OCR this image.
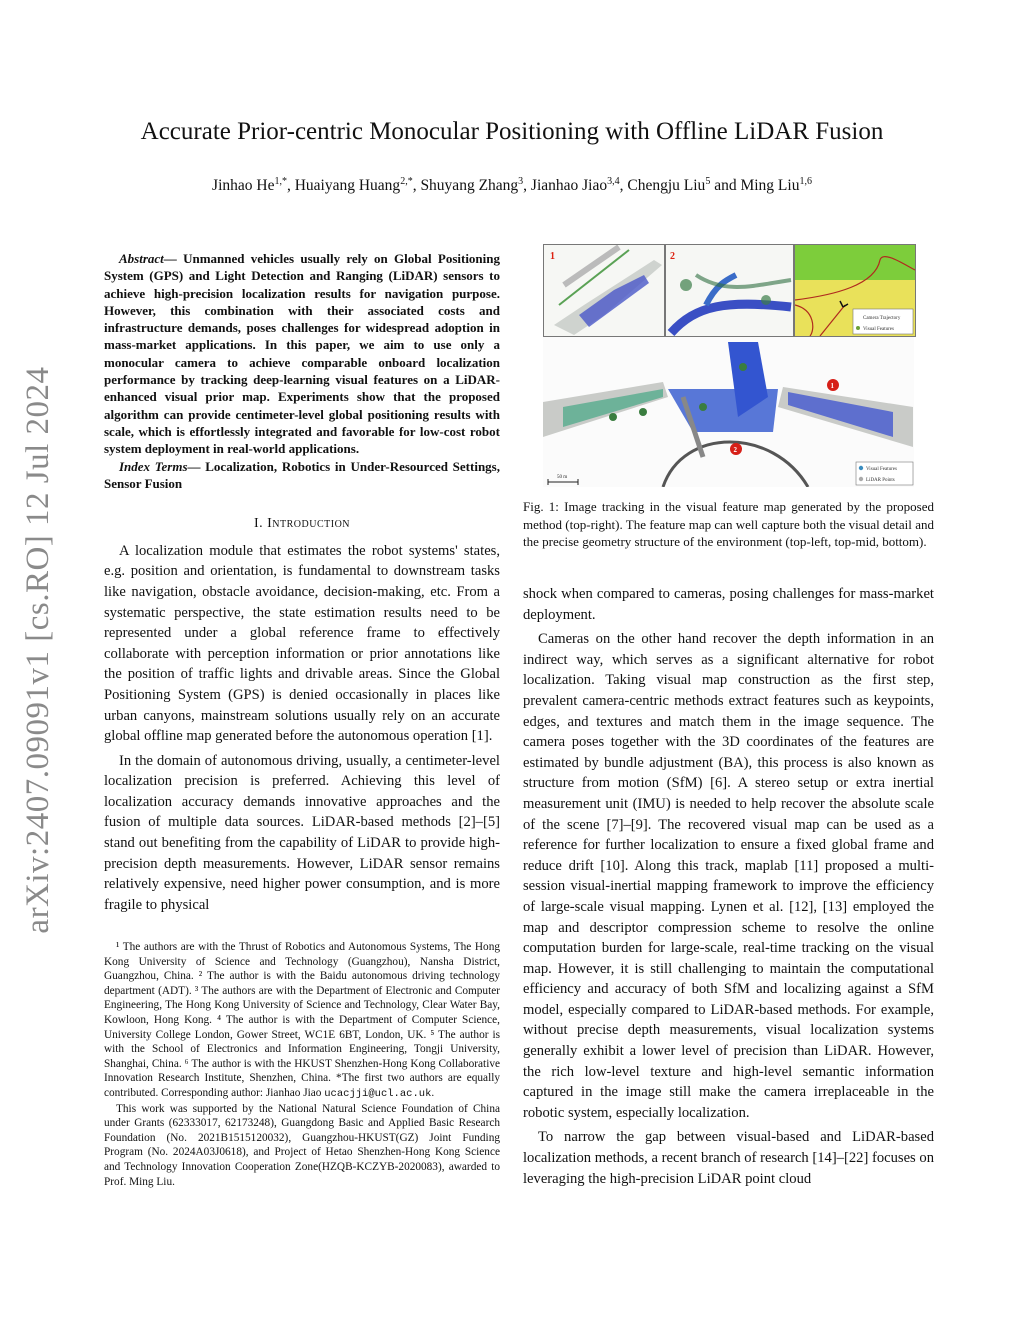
arXiv:2407.09091v1 [cs.RO] 12 Jul 2024
Accurate Prior-centric Monocular Positioning with Offline LiDAR Fusion
Jinhao $He^{1,*}$, Huaiyang Huang$^{2,*}$, Shuyang Zhang$^3$, Jianhao Jiao$^{3,4}$, Chengju Liu$^5$ and Ming Liu$^{1,6}$
Abstract— Unmanned vehicles usually rely on Global Positioning System (GPS) and Light Detection and Ranging (LiDAR) sensors to achieve high-precision localization results for navigation purpose. However, this combination with their associated costs and infrastructure demands, poses challenges for widespread adoption in mass-market applications. In this paper, we aim to use only a monocular camera to achieve comparable onboard localization performance by tracking deep-learning visual features on a LiDAR-enhanced visual prior map. Experiments show that the proposed algorithm can provide centimeter-level global positioning results with scale, which is effortlessly integrated and favorable for low-cost robot system deployment in real-world applications.
Index Terms— Localization, Robotics in Under-Resourced Settings, Sensor Fusion
I. Introduction

A localization module that estimates the robot systems' states, e.g. position and orientation, is fundamental to downstream tasks like navigation, obstacle avoidance, decision-making, etc. From a systematic perspective, the state estimation results need to be represented under a global reference frame to effectively collaborate with perception information or prior annotations like the position of traffic lights and drivable areas. Since the Global Positioning System (GPS) is denied occasionally in places like urban canyons, mainstream solutions usually rely on an accurate global offline map generated before the autonomous operation [1].

In the domain of autonomous driving, usually, a centimeter-level localization precision is preferred. Achieving this level of localization accuracy demands innovative approaches and the fusion of multiple data sources. LiDAR-based methods [2]–[5] stand out benefiting from the capability of LiDAR to provide high-precision depth measurements. However, LiDAR sensor remains relatively expensive, need higher power consumption, and is more fragile to physical

¹ The authors are with the Thrust of Robotics and Autonomous Systems, The Hong Kong University of Science and Technology (Guangzhou), Nansha District, Guangzhou, China. ² The author is with the Baidu autonomous driving technology department (ADT). ³ The authors are with the Department of Electronic and Computer Engineering, The Hong Kong University of Science and Technology, Clear Water Bay, Kowloon, Hong Kong. ⁴ The author is with the Department of Computer Science, University College London, Gower Street, WC1E 6BT, London, UK. ⁵ The author is with the School of Electronics and Information Engineering, Tongji University, Shanghai, China. ⁶ The author is with the HKUST Shenzhen-Hong Kong Collaborative Innovation Research Institute, Shenzhen, China. *The first two authors are equally contributed. Corresponding author: Jianhao Jiao ucacjji@ucl.ac.uk.

This work was supported by the National Natural Science Foundation of China under Grants (62333017, 62173248), Guangdong Basic and Applied Basic Research Foundation (No. 2021B1515120032), Guangzhou-HKUST(GZ) Joint Funding Program (No. 2024A03J0618), and Project of Hetao Shenzhen-Hong Kong Science and Technology Innovation Cooperation Zone(HZQB-KCZYB-2020083), awarded to Prof. Ming Liu.

1	2
Camera Trajectory
Visual Features
1
2
Visual Features
LiDAR Points
50 m
Fig. 1: Image tracking in the visual feature map generated by the proposed method (top-right). The feature map can well capture both the visual detail and the precise geometry structure of the environment (top-left, top-mid, bottom).

shock when compared to cameras, posing challenges for mass-market deployment.

Cameras on the other hand recover the depth information in an indirect way, which serves as a significant alternative for robot localization. Taking visual map construction as the first step, prevalent camera-centric methods extract features such as keypoints, edges, and textures and match them in the image sequence. The camera poses together with the 3D coordinates of the features are estimated by bundle adjustment (BA), this process is also known as structure from motion (SfM) [6]. A stereo setup or extra inertial measurement unit (IMU) is needed to help recover the absolute scale of the scene [7]–[9]. The recovered visual map can be used as a reference for further localization to ensure a fixed global frame and reduce drift [10]. Along this track, maplab [11] proposed a multi-session visual-inertial mapping framework to improve the efficiency of large-scale visual mapping. Lynen et al. [12], [13] employed the map and descriptor compression scheme to resolve the online computation burden for large-scale, real-time tracking on the visual map. However, it is still challenging to maintain the computational efficiency and accuracy of both SfM and localizing against a SfM model, especially compared to LiDAR-based methods. For example, without precise depth measurements, visual localization systems generally exhibit a lower level of precision than LiDAR. However, the rich low-level texture and high-level semantic information captured in the image still make the camera irreplaceable in the robotic system, especially localization.

To narrow the gap between visual-based and LiDAR-based localization methods, a recent branch of research [14]–[22] focuses on leveraging the high-precision LiDAR point cloud
